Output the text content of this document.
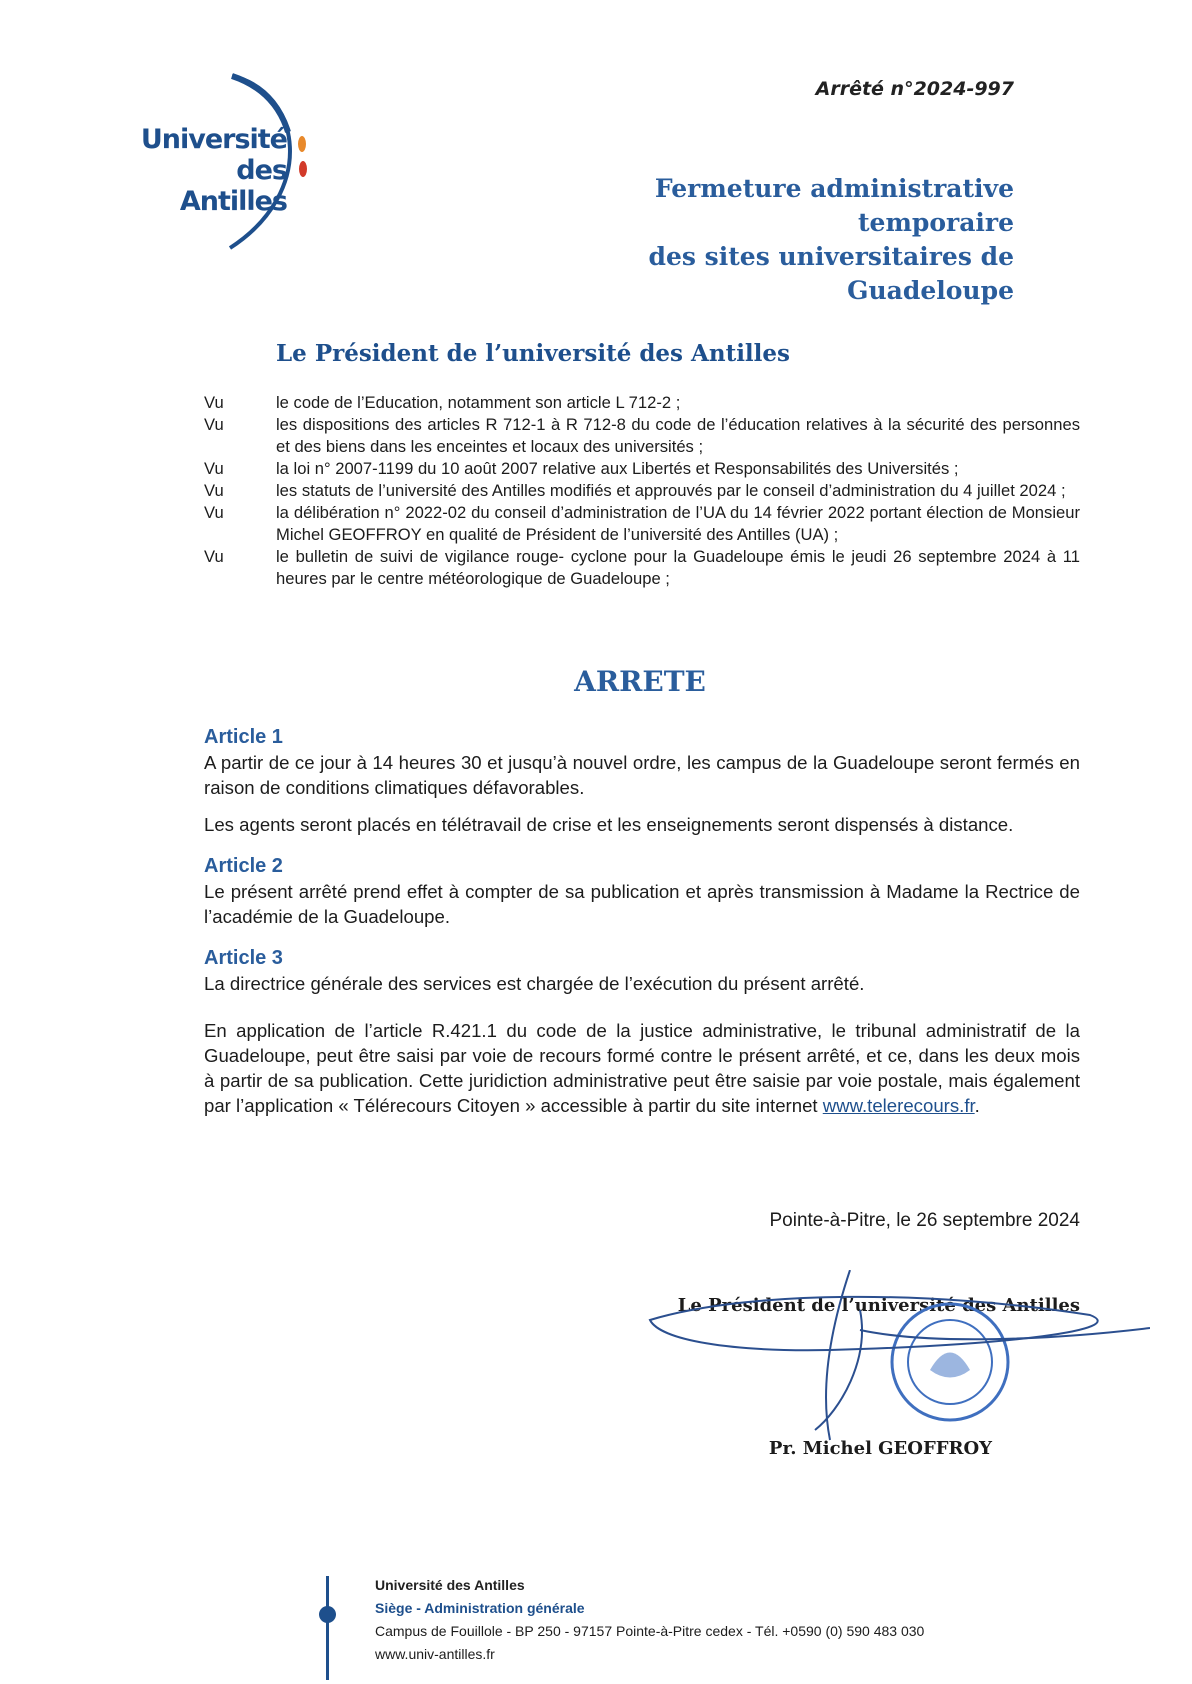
Université
des Antilles
Arrêté n°2024-997
Fermeture administrative temporaire
des sites universitaires de Guadeloupe
Le Président de l’université des Antilles
Vu	le code de l’Education, notamment son article L 712-2 ;
Vu	les dispositions des articles R 712-1 à R 712-8 du code de l’éducation relatives à la sécurité des personnes et des biens dans les enceintes et locaux des universités ;
Vu	la loi n° 2007-1199 du 10 août 2007 relative aux Libertés et Responsabilités des Universités ;
Vu	les statuts de l’université des Antilles modifiés et approuvés par le conseil d’administration du 4 juillet 2024 ;
Vu	la délibération n° 2022-02 du conseil d’administration de l’UA du 14 février 2022 portant élection de Monsieur Michel GEOFFROY en qualité de Président de l’université des Antilles (UA) ;
Vu	le bulletin de suivi de vigilance rouge- cyclone pour la Guadeloupe émis le jeudi 26 septembre 2024 à 11 heures par le centre météorologique de Guadeloupe ;
ARRETE
Article 1

A partir de ce jour à 14 heures 30 et jusqu’à nouvel ordre, les campus de la Guadeloupe seront fermés en raison de conditions climatiques défavorables.

Les agents seront placés en télétravail de crise et les enseignements seront dispensés à distance.

Article 2

Le présent arrêté prend effet à compter de sa publication et après transmission à Madame la Rectrice de l’académie de la Guadeloupe.

Article 3

La directrice générale des services est chargée de l’exécution du présent arrêté.

En application de l’article R.421.1 du code de la justice administrative, le tribunal administratif de la Guadeloupe, peut être saisi par voie de recours formé contre le présent arrêté, et ce, dans les deux mois à partir de sa publication. Cette juridiction administrative peut être saisie par voie postale, mais également par l’application « Télérecours Citoyen » accessible à partir du site internet www.telerecours.fr.

Pointe-à-Pitre, le 26 septembre 2024
Le Président de l’université des Antilles
Pr. Michel GEOFFROY
Université des Antilles
Siège - Administration générale
Campus de Fouillole - BP 250 - 97157 Pointe-à-Pitre cedex - Tél. +0590 (0) 590 483 030
www.univ-antilles.fr
